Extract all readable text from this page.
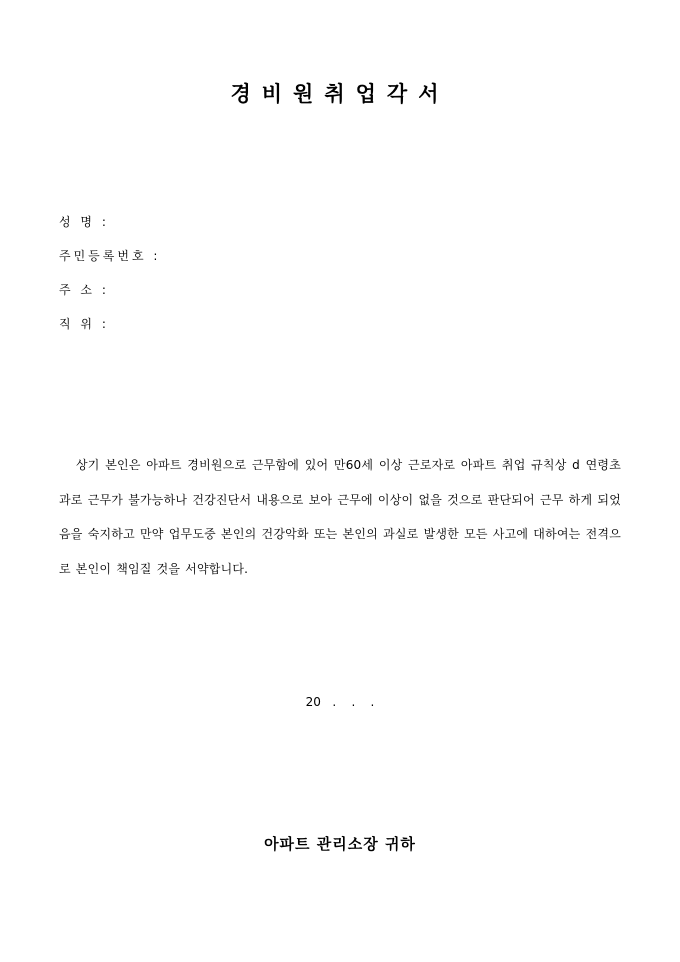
경비원취업각서
성 명 :
주민등록번호 :
주 소 :
직 위 :
상기 본인은 아파트 경비원으로 근무함에 있어 만60세 이상 근로자로 아파트 취업 규칙상 d 연령초과로 근무가 불가능하나 건강진단서 내용으로 보아 근무에 이상이 없을 것으로 판단되어 근무 하게 되었음을 숙지하고 만약 업무도중 본인의 건강악화 또는 본인의 과실로 발생한 모든 사고에 대하여는 전격으로 본인이 책임질 것을 서약합니다.
20   .    .    .
아파트 관리소장 귀하
